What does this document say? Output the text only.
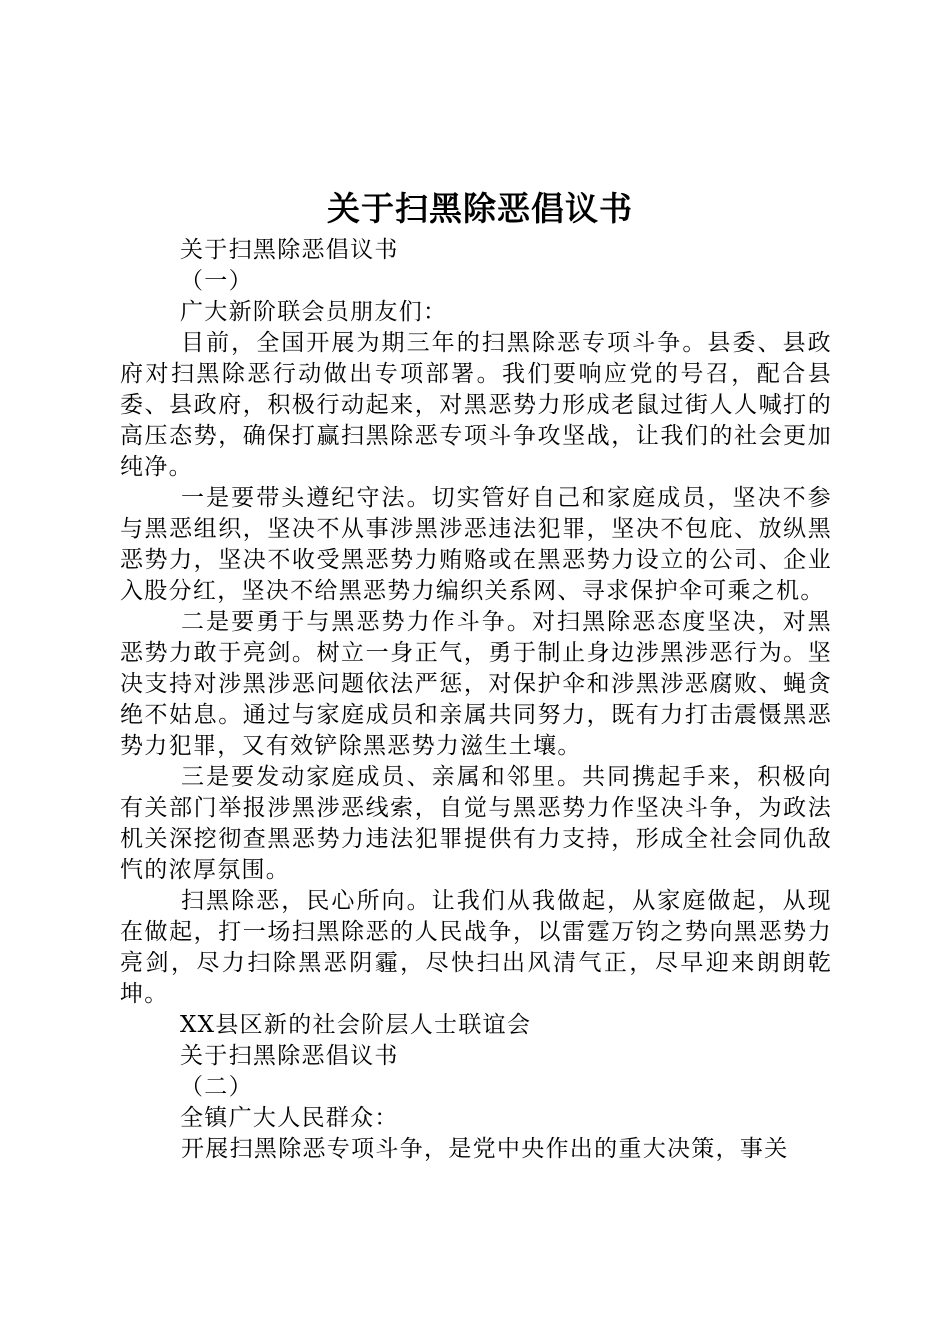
关于扫黑除恶倡议书

关于扫黑除恶倡议书

（一）

广大新阶联会员朋友们：

目前，全国开展为期三年的扫黑除恶专项斗争。县委、县政府对扫黑除恶行动做出专项部署。我们要响应党的号召，配合县委、县政府，积极行动起来，对黑恶势力形成老鼠过街人人喊打的高压态势，确保打赢扫黑除恶专项斗争攻坚战，让我们的社会更加纯净。

一是要带头遵纪守法。切实管好自己和家庭成员，坚决不参与黑恶组织，坚决不从事涉黑涉恶违法犯罪，坚决不包庇、放纵黑恶势力，坚决不收受黑恶势力贿赂或在黑恶势力设立的公司、企业入股分红，坚决不给黑恶势力编织关系网、寻求保护伞可乘之机。

二是要勇于与黑恶势力作斗争。对扫黑除恶态度坚决，对黑恶势力敢于亮剑。树立一身正气，勇于制止身边涉黑涉恶行为。坚决支持对涉黑涉恶问题依法严惩，对保护伞和涉黑涉恶腐败、蝇贪绝不姑息。通过与家庭成员和亲属共同努力，既有力打击震慑黑恶势力犯罪，又有效铲除黑恶势力滋生土壤。

三是要发动家庭成员、亲属和邻里。共同携起手来，积极向有关部门举报涉黑涉恶线索，自觉与黑恶势力作坚决斗争，为政法机关深挖彻查黑恶势力违法犯罪提供有力支持，形成全社会同仇敌忾的浓厚氛围。

扫黑除恶，民心所向。让我们从我做起，从家庭做起，从现在做起，打一场扫黑除恶的人民战争，以雷霆万钧之势向黑恶势力亮剑，尽力扫除黑恶阴霾，尽快扫出风清气正，尽早迎来朗朗乾坤。

XX县区新的社会阶层人士联谊会

关于扫黑除恶倡议书

（二）

全镇广大人民群众：

开展扫黑除恶专项斗争，是党中央作出的重大决策，事关
